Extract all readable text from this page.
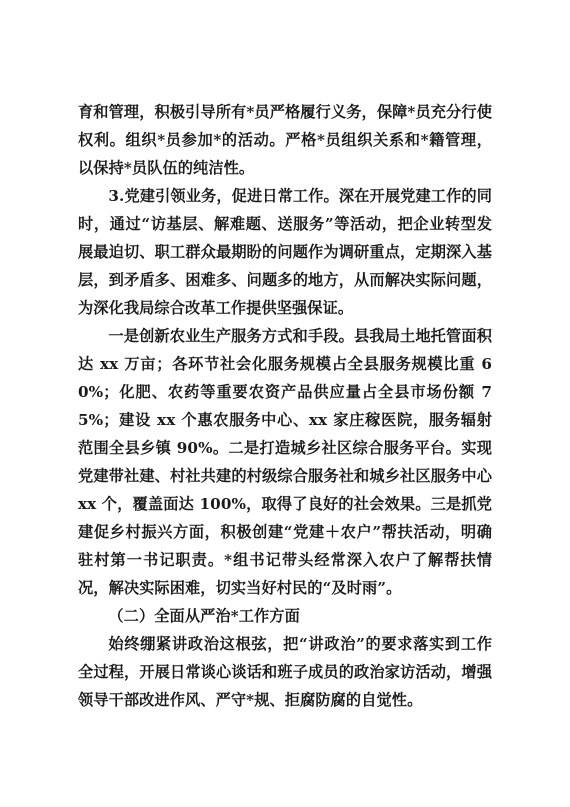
育和管理，积极引导所有*员严格履行义务，保障*员充分行使权利。组织*员参加*的活动。严格*员组织关系和*籍管理，以保持*员队伍的纯洁性。

3.党建引领业务，促进日常工作。深在开展党建工作的同时，通过“访基层、解难题、送服务”等活动，把企业转型发展最迫切、职工群众最期盼的问题作为调研重点，定期深入基层，到矛盾多、困难多、问题多的地方，从而解决实际问题，为深化我局综合改革工作提供坚强保证。

一是创新农业生产服务方式和手段。县我局土地托管面积达 xx 万亩；各环节社会化服务规模占全县服务规模比重 60%；化肥、农药等重要农资产品供应量占全县市场份额 75%；建设 xx 个惠农服务中心、xx 家庄稼医院，服务辐射范围全县乡镇 90%。二是打造城乡社区综合服务平台。实现党建带社建、村社共建的村级综合服务社和城乡社区服务中心 xx 个，覆盖面达 100%，取得了良好的社会效果。三是抓党建促乡村振兴方面，积极创建“党建＋农户”帮扶活动，明确驻村第一书记职责。*组书记带头经常深入农户了解帮扶情况，解决实际困难，切实当好村民的“及时雨”。

（二）全面从严治*工作方面

始终绷紧讲政治这根弦，把“讲政治”的要求落实到工作全过程，开展日常谈心谈话和班子成员的政治家访活动，增强领导干部改进作风、严守*规、拒腐防腐的自觉性。
